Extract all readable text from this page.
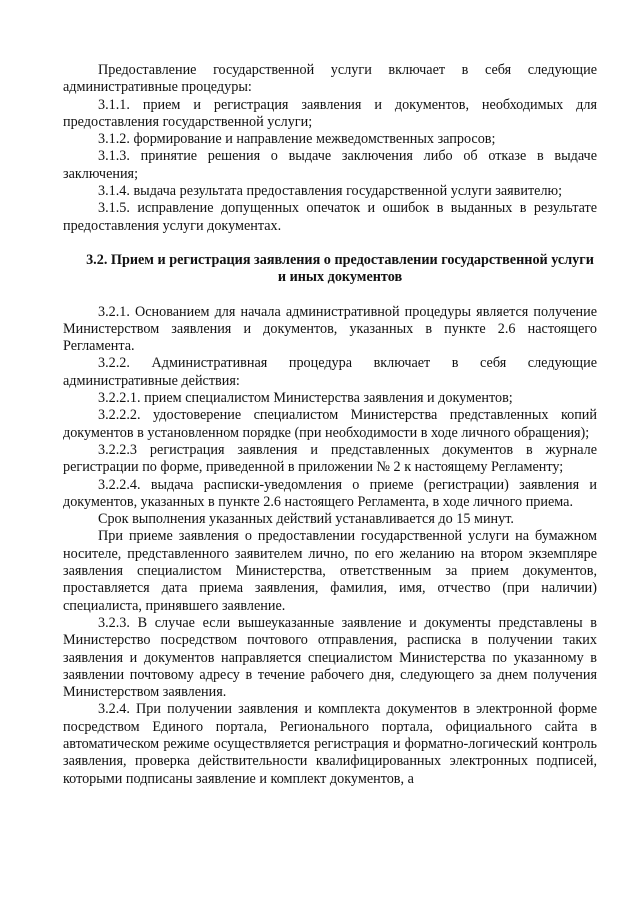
Предоставление государственной услуги включает в себя следующие административные процедуры:

3.1.1. прием и регистрация заявления и документов, необходимых для предоставления государственной услуги;

3.1.2. формирование и направление межведомственных запросов;

3.1.3. принятие решения о выдаче заключения либо об отказе в выдаче заключения;

3.1.4. выдача результата предоставления государственной услуги заявителю;

3.1.5. исправление допущенных опечаток и ошибок в выданных в результате предоставления услуги документах.

3.2. Прием и регистрация заявления о предоставлении государственной услуги и иных документов

3.2.1. Основанием для начала административной процедуры является получение Министерством заявления и документов, указанных в пункте 2.6 настоящего Регламента.

3.2.2. Административная процедура включает в себя следующие административные действия:

3.2.2.1. прием специалистом Министерства заявления и документов;

3.2.2.2. удостоверение специалистом Министерства представленных копий документов в установленном порядке (при необходимости в ходе личного обращения);

3.2.2.3 регистрация заявления и представленных документов в журнале регистрации по форме, приведенной в приложении № 2 к настоящему Регламенту;

3.2.2.4. выдача расписки-уведомления о приеме (регистрации) заявления и документов, указанных в пункте 2.6 настоящего Регламента, в ходе личного приема.

Срок выполнения указанных действий устанавливается до 15 минут.

При приеме заявления о предоставлении государственной услуги на бумажном носителе, представленного заявителем лично, по его желанию на втором экземпляре заявления специалистом Министерства, ответственным за прием документов, проставляется дата приема заявления, фамилия, имя, отчество (при наличии) специалиста, принявшего заявление.

3.2.3. В случае если вышеуказанные заявление и документы представлены в Министерство посредством почтового отправления, расписка в получении таких заявления и документов направляется специалистом Министерства по указанному в заявлении почтовому адресу в течение рабочего дня, следующего за днем получения Министерством заявления.

3.2.4. При получении заявления и комплекта документов в электронной форме посредством Единого портала, Регионального портала, официального сайта в автоматическом режиме осуществляется регистрация и форматно-логический контроль заявления, проверка действительности квалифицированных электронных подписей, которыми подписаны заявление и комплект документов, а
